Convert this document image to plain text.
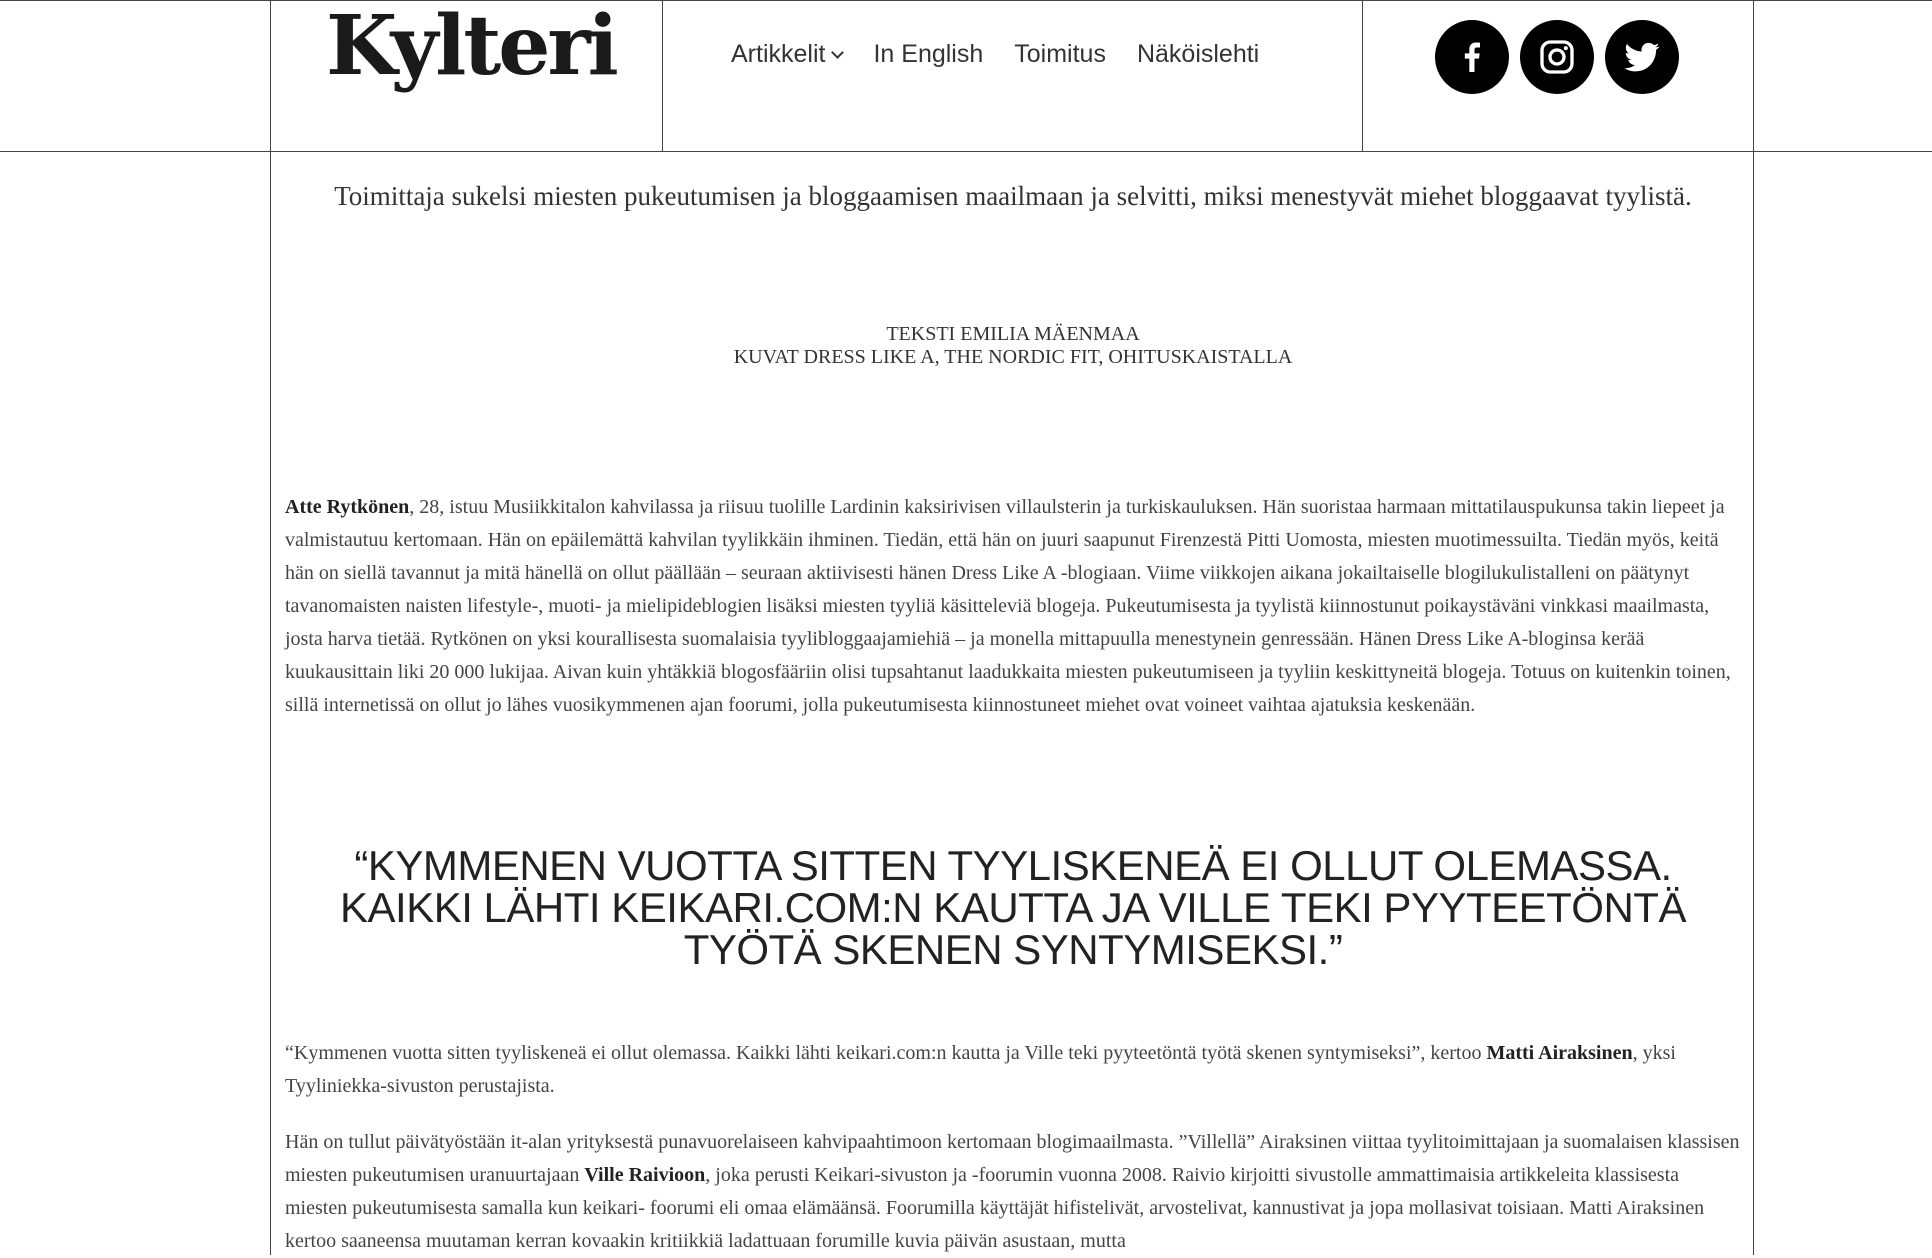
Kylteri	Artikkelit In English Toimitus Näköislehti
Toimittaja sukelsi miesten pukeutumisen ja bloggaamisen maailmaan ja selvitti, miksi menestyvät miehet bloggaavat tyylistä.
TEKSTI EMILIA MÄENMAA
KUVAT DRESS LIKE A, THE NORDIC FIT, OHITUSKAISTALLA

Atte Rytkönen, 28, istuu Musiikkitalon kahvilassa ja riisuu tuolille Lardinin kaksirivisen villaulsterin ja turkiskauluksen. Hän suoristaa harmaan mittatilauspukunsa takin liepeet ja valmistautuu kertomaan. Hän on epäilemättä kahvilan tyylikkäin ihminen. Tiedän, että hän on juuri saapunut Firenzestä Pitti Uomosta, miesten muotimessuilta. Tiedän myös, keitä hän on siellä tavannut ja mitä hänellä on ollut päällään – seuraan aktiivisesti hänen Dress Like A -blogiaan. Viime viikkojen aikana jokailtaiselle blogilukulistalleni on päätynyt tavanomaisten naisten lifestyle-, muoti- ja mielipideblogien lisäksi miesten tyyliä käsitteleviä blogeja. Pukeutumisesta ja tyylistä kiinnostunut poikaystäväni vinkkasi maailmasta, josta harva tietää. Rytkönen on yksi kourallisesta suomalaisia tyylibloggaajamiehiä – ja monella mittapuulla menestynein genressään. Hänen Dress Like A-bloginsa kerää kuukausittain liki 20 000 lukijaa. Aivan kuin yhtäkkiä blogosfääriin olisi tupsahtanut laadukkaita miesten pukeutumiseen ja tyyliin keskittyneitä blogeja. Totuus on kuitenkin toinen, sillä internetissä on ollut jo lähes vuosikymmenen ajan foorumi, jolla pukeutumisesta kiinnostuneet miehet ovat voineet vaihtaa ajatuksia keskenään.

“KYMMENEN VUOTTA SITTEN TYYLISKENEÄ EI OLLUT OLEMASSA. KAIKKI LÄHTI KEIKARI.COM:N KAUTTA JA VILLE TEKI PYYTEETÖNTÄ TYÖTÄ SKENEN SYNTYMISEKSI.”

“Kymmenen vuotta sitten tyyliskeneä ei ollut olemassa. Kaikki lähti keikari.com:n kautta ja Ville teki pyyteetöntä työtä skenen syntymiseksi”, kertoo Matti Airaksinen, yksi Tyyliniekka-sivuston perustajista.

Hän on tullut päivätyöstään it-alan yrityksestä punavuorelaiseen kahvipaahtimoon kertomaan blogimaailmasta. ”Villellä” Airaksinen viittaa tyylitoimittajaan ja suomalaisen klassisen miesten pukeutumisen uranuurtajaan Ville Raivioon, joka perusti Keikari-sivuston ja -foorumin vuonna 2008. Raivio kirjoitti sivustolle ammattimaisia artikkeleita klassisesta miesten pukeutumisesta samalla kun keikari- foorumi eli omaa elämäänsä. Foorumilla käyttäjät hifistelivät, arvostelivat, kannustivat ja jopa mollasivat toisiaan. Matti Airaksinen kertoo saaneensa muutaman kerran kovaakin kritiikkiä ladattuaan forumille kuvia päivän asustaan, mutta
